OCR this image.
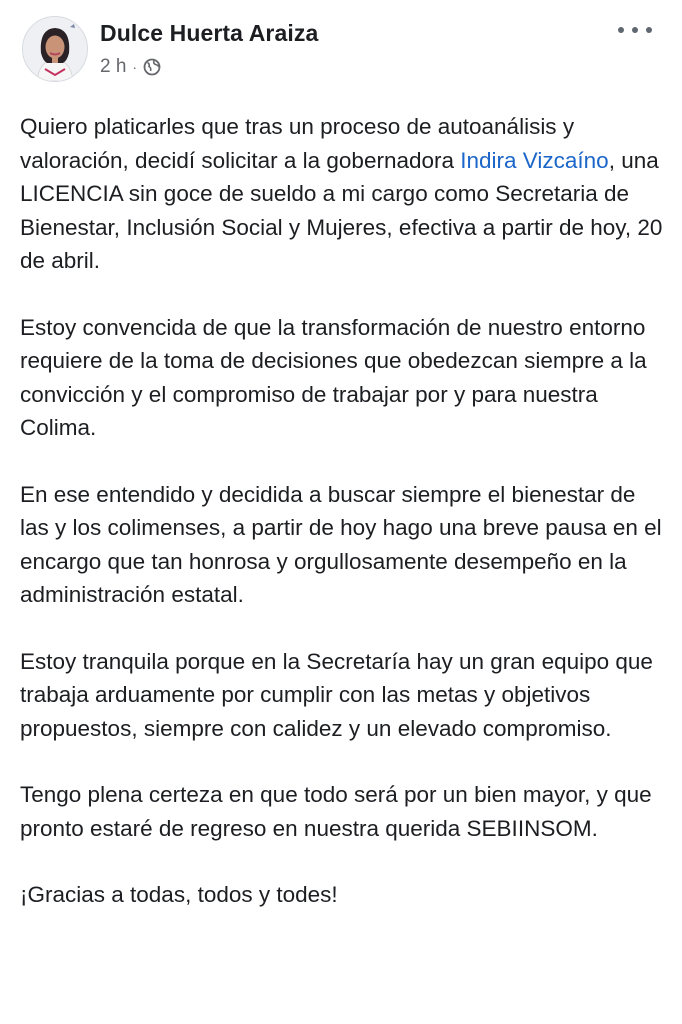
Dulce Huerta Araiza
2 h ·

Quiero platicarles que tras un proceso de autoanálisis y valoración, decidí solicitar a la gobernadora Indira Vizcaíno, una LICENCIA sin goce de sueldo a mi cargo como Secretaria de Bienestar, Inclusión Social y Mujeres, efectiva a partir de hoy, 20 de abril.

Estoy convencida de que la transformación de nuestro entorno requiere de la toma de decisiones que obedezcan siempre a la convicción y el compromiso de trabajar por y para nuestra Colima.

En ese entendido y decidida a buscar siempre el bienestar de las y los colimenses, a partir de hoy hago una breve pausa en el encargo que tan honrosa y orgullosamente desempeño en la administración estatal.

Estoy tranquila porque en la Secretaría hay un gran equipo que trabaja arduamente por cumplir con las metas y objetivos propuestos, siempre con calidez y un elevado compromiso.

Tengo plena certeza en que todo será por un bien mayor, y que pronto estaré de regreso en nuestra querida SEBIINSOM.

¡Gracias a todas, todos y todes!
